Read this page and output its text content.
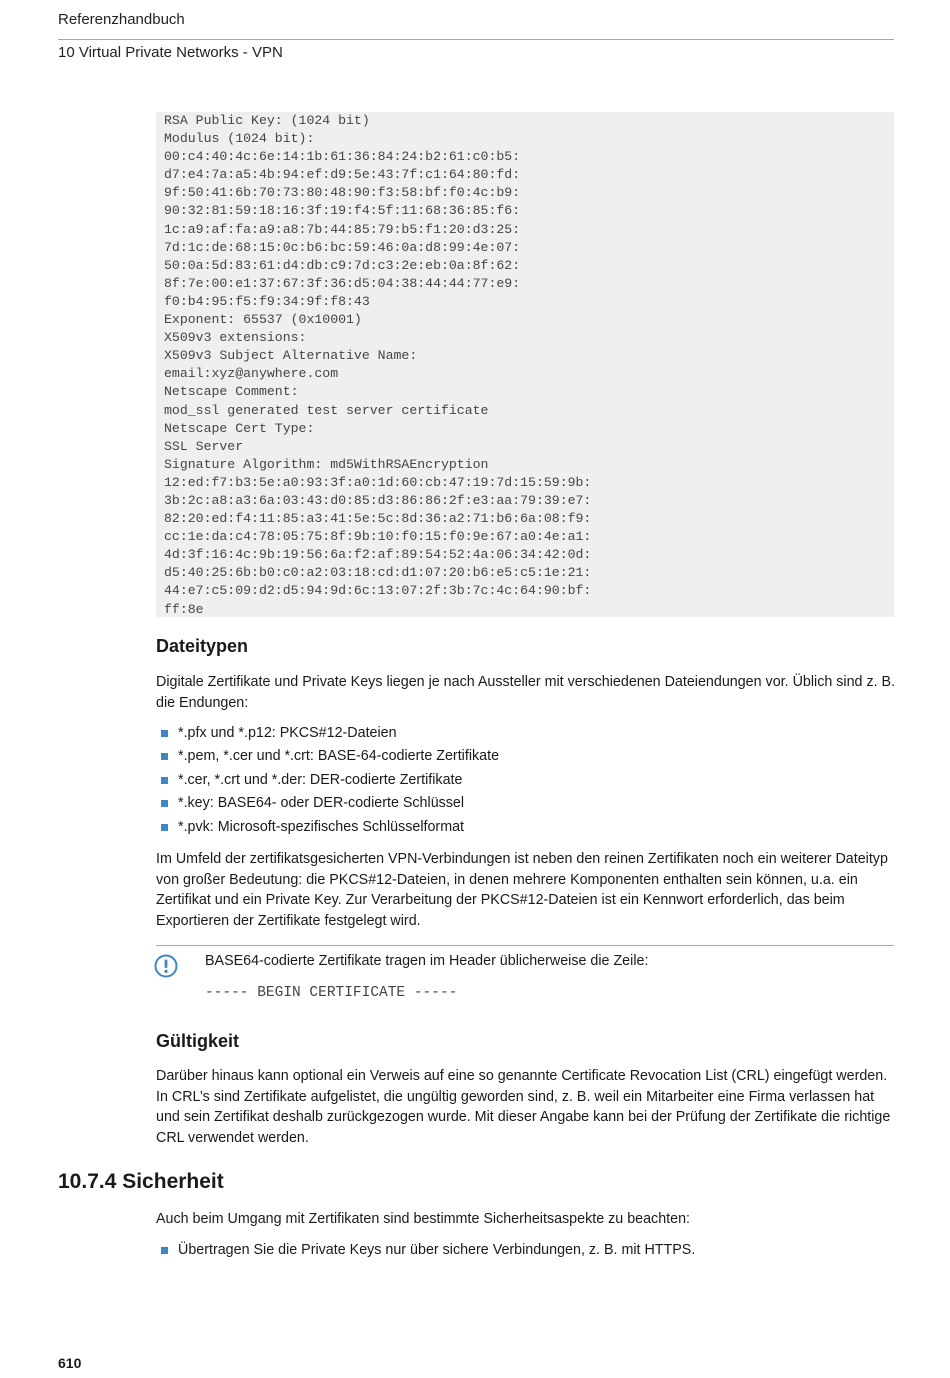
Referenzhandbuch
10 Virtual Private Networks - VPN
RSA Public Key: (1024 bit)
Modulus (1024 bit):
00:c4:40:4c:6e:14:1b:61:36:84:24:b2:61:c0:b5:
d7:e4:7a:a5:4b:94:ef:d9:5e:43:7f:c1:64:80:fd:
9f:50:41:6b:70:73:80:48:90:f3:58:bf:f0:4c:b9:
90:32:81:59:18:16:3f:19:f4:5f:11:68:36:85:f6:
1c:a9:af:fa:a9:a8:7b:44:85:79:b5:f1:20:d3:25:
7d:1c:de:68:15:0c:b6:bc:59:46:0a:d8:99:4e:07:
50:0a:5d:83:61:d4:db:c9:7d:c3:2e:eb:0a:8f:62:
8f:7e:00:e1:37:67:3f:36:d5:04:38:44:44:77:e9:
f0:b4:95:f5:f9:34:9f:f8:43
Exponent: 65537 (0x10001)
X509v3 extensions:
X509v3 Subject Alternative Name:
email:xyz@anywhere.com
Netscape Comment:
mod_ssl generated test server certificate
Netscape Cert Type:
SSL Server
Signature Algorithm: md5WithRSAEncryption
12:ed:f7:b3:5e:a0:93:3f:a0:1d:60:cb:47:19:7d:15:59:9b:
3b:2c:a8:a3:6a:03:43:d0:85:d3:86:86:2f:e3:aa:79:39:e7:
82:20:ed:f4:11:85:a3:41:5e:5c:8d:36:a2:71:b6:6a:08:f9:
cc:1e:da:c4:78:05:75:8f:9b:10:f0:15:f0:9e:67:a0:4e:a1:
4d:3f:16:4c:9b:19:56:6a:f2:af:89:54:52:4a:06:34:42:0d:
d5:40:25:6b:b0:c0:a2:03:18:cd:d1:07:20:b6:e5:c5:1e:21:
44:e7:c5:09:d2:d5:94:9d:6c:13:07:2f:3b:7c:4c:64:90:bf:
ff:8e
Dateitypen

Digitale Zertifikate und Private Keys liegen je nach Aussteller mit verschiedenen Dateiendungen vor. Üblich sind z. B. die Endungen:

*.pfx und *.p12: PKCS#12-Dateien
*.pem, *.cer und *.crt: BASE-64-codierte Zertifikate
*.cer, *.crt und *.der: DER-codierte Zertifikate
*.key: BASE64- oder DER-codierte Schlüssel
*.pvk: Microsoft-spezifisches Schlüsselformat

Im Umfeld der zertifikatsgesicherten VPN-Verbindungen ist neben den reinen Zertifikaten noch ein weiterer Dateityp von großer Bedeutung: die PKCS#12-Dateien, in denen mehrere Komponenten enthalten sein können, u.a. ein Zertifikat und ein Private Key. Zur Verarbeitung der PKCS#12-Dateien ist ein Kennwort erforderlich, das beim Exportieren der Zertifikate festgelegt wird.

BASE64-codierte Zertifikate tragen im Header üblicherweise die Zeile:
----- BEGIN CERTIFICATE -----
Gültigkeit

Darüber hinaus kann optional ein Verweis auf eine so genannte Certificate Revocation List (CRL) eingefügt werden. In CRL’s sind Zertifikate aufgelistet, die ungültig geworden sind, z. B. weil ein Mitarbeiter eine Firma verlassen hat und sein Zertifikat deshalb zurückgezogen wurde. Mit dieser Angabe kann bei der Prüfung der Zertifikate die richtige CRL verwendet werden.

10.7.4 Sicherheit

Auch beim Umgang mit Zertifikaten sind bestimmte Sicherheitsaspekte zu beachten:

Übertragen Sie die Private Keys nur über sichere Verbindungen, z. B. mit HTTPS.
610
